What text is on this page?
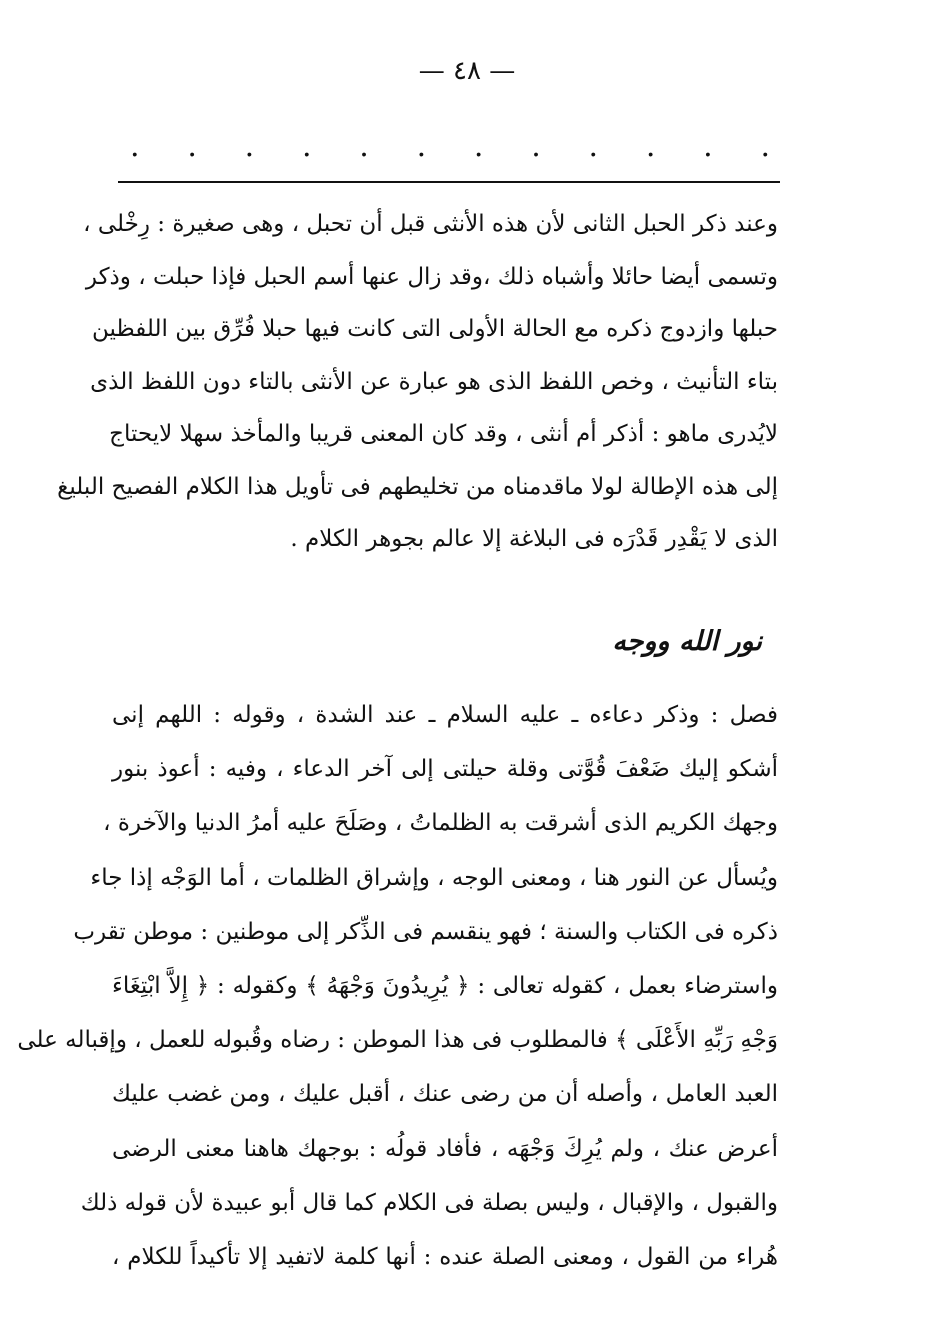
— ٤٨ —
. . . . . . . . . . . .
وعند ذكر الحبل الثانى لأن هذه الأنثى قبل أن تحبل ، وهى صغيرة : رِخْلى ،
وتسمى أيضا حائلا وأشباه ذلك ،وقد زال عنها أسم الحبل فإذا حبلت ، وذكر
حبلها وازدوج ذكره مع الحالة الأولى التى كانت فيها حبلا فُرِّق بين اللفظين
بتاء التأنيث ، وخص اللفظ الذى هو عبارة عن الأنثى بالتاء دون اللفظ الذى
لايُدرى ماهو : أذكر أم أنثى ، وقد كان المعنى قريبا والمأخذ سهلا لايحتاج
إلى هذه الإطالة لولا ماقدمناه من تخليطهم فى تأويل هذا الكلام الفصيح البليغ
الذى لا يَقْدِر قَدْرَه فى البلاغة إلا عالم بجوهر الكلام .
نور الله ووجه
فصل : وذكر دعاءه ـ عليه السلام ـ عند الشدة ، وقوله : اللهم إنى
أشكو إليك ضَعْفَ قُوَّتى وقلة حيلتى إلى آخر الدعاء ، وفيه : أعوذ بنور
وجهك الكريم الذى أشرقت به الظلماتُ ، وصَلَحَ عليه أمرُ الدنيا والآخرة ،
ويُسأل عن النور هنا ، ومعنى الوجه ، وإشراق الظلمات ، أما الوَجْه إذا جاء
ذكره فى الكتاب والسنة ؛ فهو ينقسم فى الذِّكر إلى موطنين : موطن تقرب
واسترضاء بعمل ، كقوله تعالى : ﴿ يُرِيدُونَ وَجْهَهُ ﴾ وكقوله : ﴿ إِلاَّ ابْتِغَاءَ
وَجْهِ رَبِّهِ الأَعْلَى ﴾ فالمطلوب فى هذا الموطن : رضاه وقُبوله للعمل ، وإقباله على
العبد العامل ، وأصله أن من رضى عنك ، أقبل عليك ، ومن غضب عليك
أعرض عنك ، ولم يُرِكَ وَجْهَه ، فأفاد قولُه : بوجهك هاهنا معنى الرضى
والقبول ، والإقبال ، وليس بصلة فى الكلام كما قال أبو عبيدة لأن قوله ذلك
هُراء من القول ، ومعنى الصلة عنده : أنها كلمة لاتفيد إلا تأكيداً للكلام ،
